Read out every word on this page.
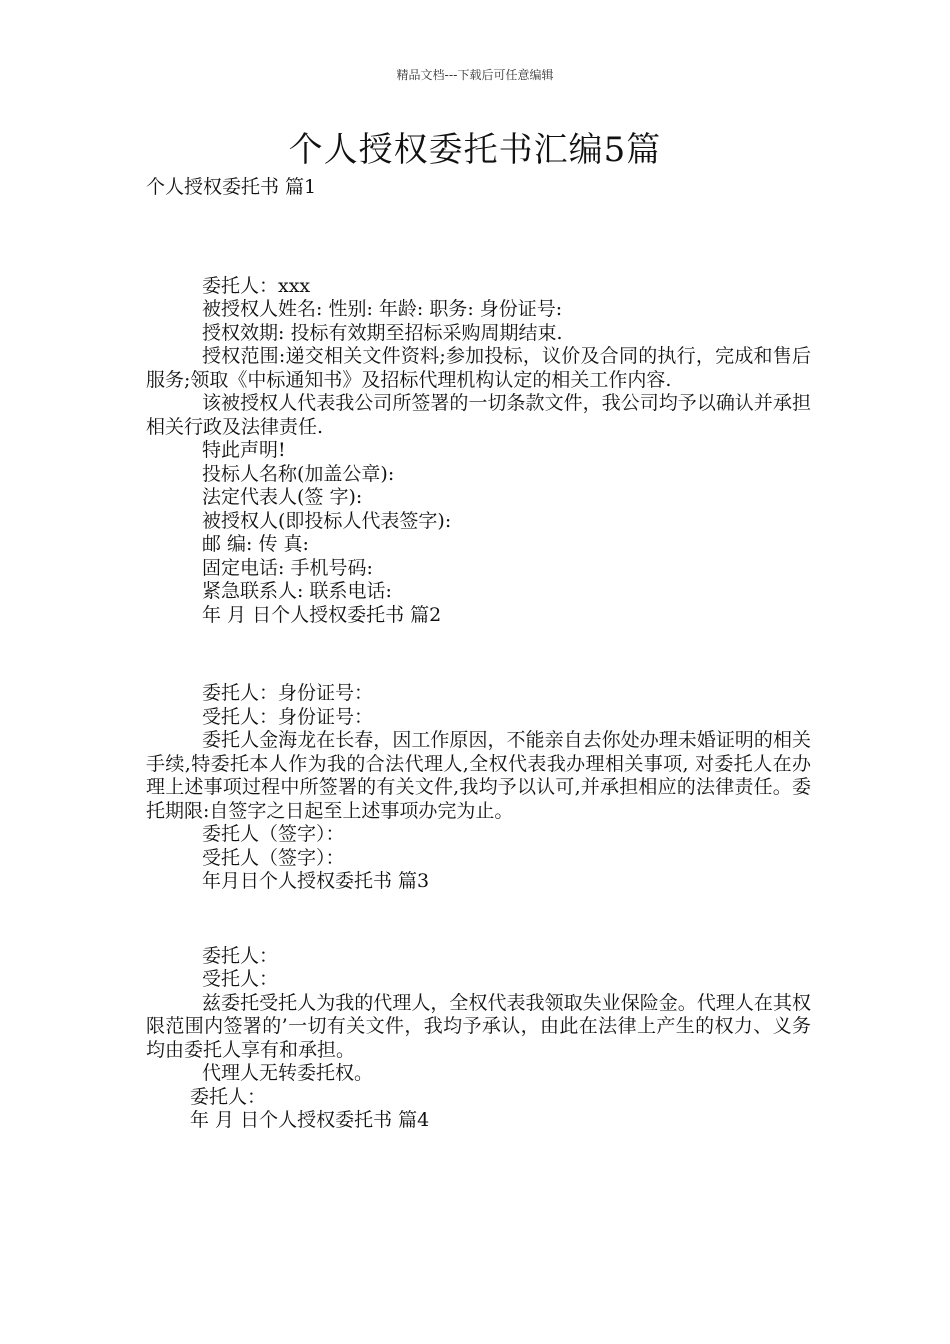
精品文档---下载后可任意编辑
个人授权委托书汇编5篇

个人授权委托书 篇1

委托人：xxx

被授权人姓名: 性别: 年龄: 职务: 身份证号:

授权效期: 投标有效期至招标采购周期结束.

授权范围:递交相关文件资料;参加投标，议价及合同的执行，完成和售后服务;领取《中标通知书》及招标代理机构认定的相关工作内容.

该被授权人代表我公司所签署的一切条款文件，我公司均予以确认并承担相关行政及法律责任.

特此声明!

投标人名称(加盖公章):

法定代表人(签 字):

被授权人(即投标人代表签字):

邮 编: 传 真:

固定电话: 手机号码:

紧急联系人: 联系电话:

年 月 日个人授权委托书 篇2

委托人：身份证号：

受托人：身份证号：

委托人金海龙在长春，因工作原因，不能亲自去你处办理未婚证明的相关手续,特委托本人作为我的合法代理人,全权代表我办理相关事项, 对委托人在办理上述事项过程中所签署的有关文件,我均予以认可,并承担相应的法律责任。委托期限:自签字之日起至上述事项办完为止。

委托人（签字）：

受托人（签字）：

年月日个人授权委托书 篇3

委托人：

受托人：

兹委托受托人为我的代理人，全权代表我领取失业保险金。代理人在其权限范围内签署的’一切有关文件，我均予承认，由此在法律上产生的权力、义务均由委托人享有和承担。

代理人无转委托权。

委托人：

年 月 日个人授权委托书 篇4
